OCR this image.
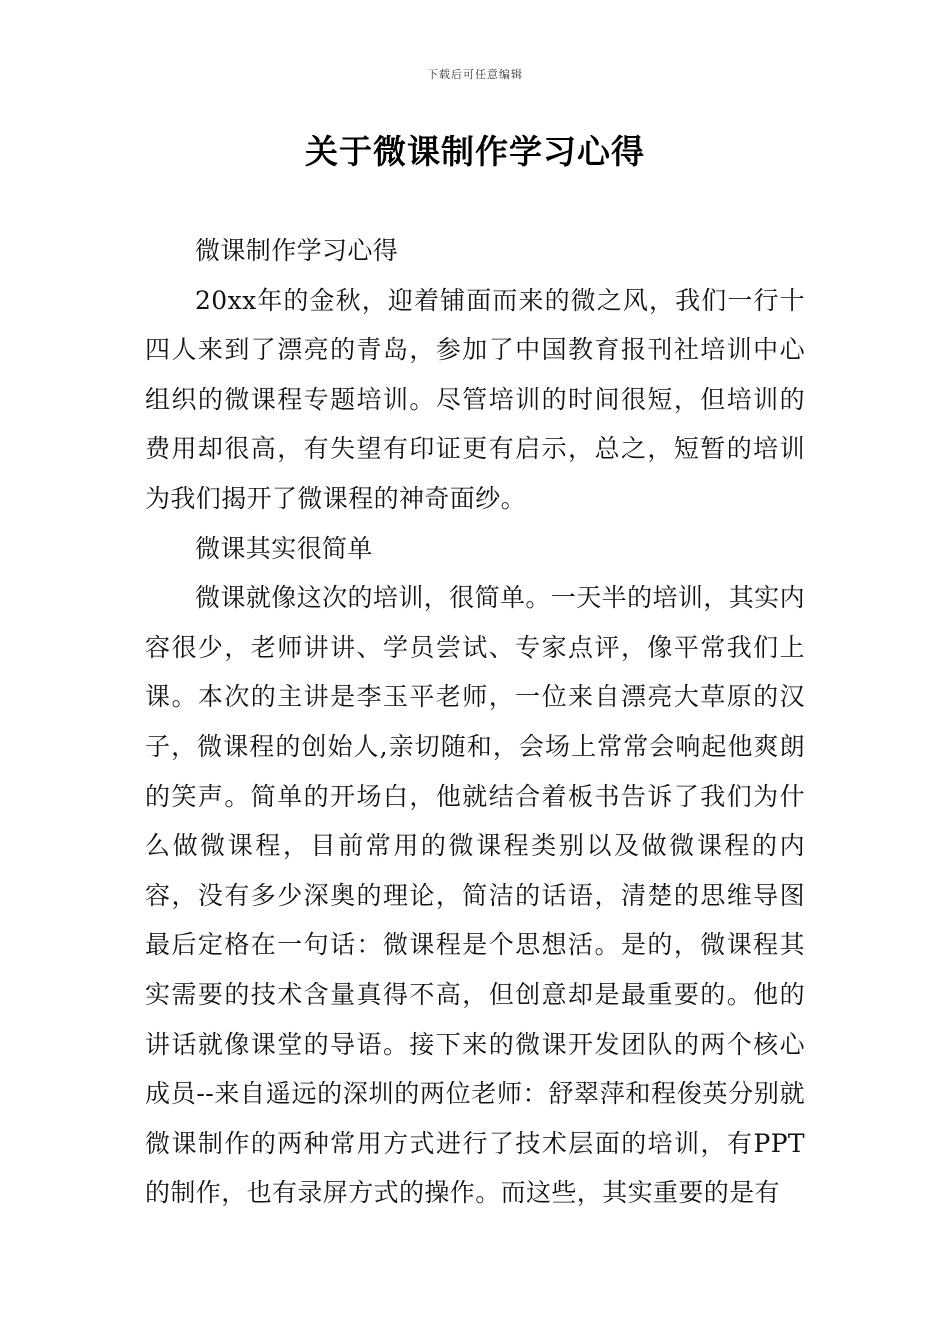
下载后可任意编辑
关于微课制作学习心得

微课制作学习心得

20xx年的金秋，迎着铺面而来的微之风，我们一行十四人来到了漂亮的青岛，参加了中国教育报刊社培训中心组织的微课程专题培训。尽管培训的时间很短，但培训的费用却很高，有失望有印证更有启示，总之，短暂的培训为我们揭开了微课程的神奇面纱。

微课其实很简单

微课就像这次的培训，很简单。一天半的培训，其实内容很少，老师讲讲、学员尝试、专家点评，像平常我们上课。本次的主讲是李玉平老师，一位来自漂亮大草原的汉子，微课程的创始人,亲切随和，会场上常常会响起他爽朗的笑声。简单的开场白，他就结合着板书告诉了我们为什么做微课程，目前常用的微课程类别以及做微课程的内容，没有多少深奥的理论，简洁的话语，清楚的思维导图最后定格在一句话：微课程是个思想活。是的，微课程其实需要的技术含量真得不高，但创意却是最重要的。他的讲话就像课堂的导语。接下来的微课开发团队的两个核心成员--来自遥远的深圳的两位老师：舒翠萍和程俊英分别就微课制作的两种常用方式进行了技术层面的培训，有PPT的制作，也有录屏方式的操作。而这些，其实重要的是有
